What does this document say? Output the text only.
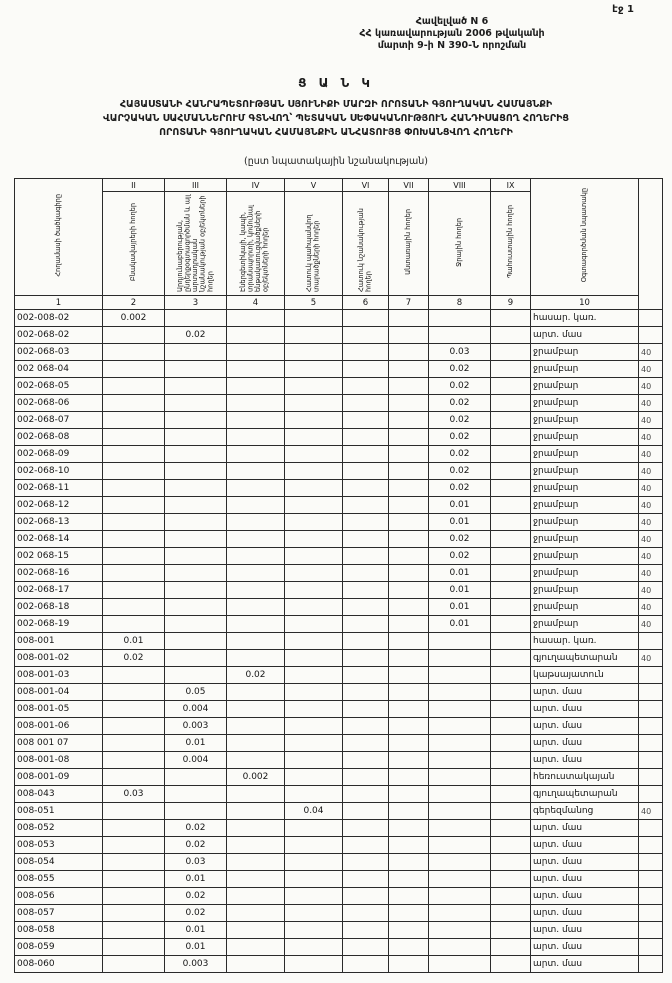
էջ 1
Հավելված N 6
ՀՀ կառավարության 2006 թվականի
մարտի 9-ի N 390-Ն որոշման
Ց Ա Ն Կ
ՀԱՅԱՍՏԱՆԻ ՀԱՆՐԱՊԵՏՈՒԹՅԱՆ ՍՅՈՒՆԻՔԻ ՄԱՐԶԻ ՈՐՈՏԱՆԻ ԳՅՈՒՂԱԿԱՆ ՀԱՄԱՅՆՔԻ
ՎԱՐՉԱԿԱՆ ՍԱՀՄԱՆՆԵՐՈՒՄ ԳՏՆՎՈՂ՝ ՊԵՏԱԿԱՆ ՍԵՓԱԿԱՆՈՒԹՅՈՒՆ ՀԱՆԴԻՍԱՑՈՂ ՀՈՂԵՐԻՑ
ՈՐՈՏԱՆԻ ԳՅՈՒՂԱԿԱՆ ՀԱՄԱՅՆՔԻՆ ԱՆՀԱՏՈՒՅՑ ՓՈԽԱՆՑՎՈՂ ՀՈՂԵՐԻ
(ըստ նպատակային նշանակության)
Հողամասի ծածկագիրը	II	III	IV	V	VI	VII	VIII	IX	Օգտագործման նպատակը	
	Բնակավայրերի հողեր	Արդյունաբերության, ընդերքօգտագործման և այլ արտադրական նշանակության օբյեկտների հողեր	Էներգետիկայի, կապի, տրանսպորտի, կոմունալ ենթակառուցվածքների օբյեկտների հողեր	Հատուկ պահպանվող տարածքների հողեր	Հատուկ նշանակության հողեր	Անտառային հողեր	Ջրային հողեր	Պահուստային հողեր		
1	2	3	4	5	6	7	8	9	10	
002-008-02	0.002								հասար. կառ.	
002-068-02		0.02							արտ. մաս	
002-068-03							0.03		ջրամբար	40
002 068-04							0.02		ջրամբար	40
002-068-05							0.02		ջրամբար	40
002-068-06							0.02		ջրամբար	40
002-068-07							0.02		ջրամբար	40
002-068-08							0.02		ջրամբար	40
002-068-09							0.02		ջրամբար	40
002-068-10							0.02		ջրամբար	40
002-068-11							0.02		ջրամբար	40
002-068-12							0.01		ջրամբար	40
002-068-13							0.01		ջրամբար	40
002-068-14							0.02		ջրամբար	40
002 068-15							0.02		ջրամբար	40
002-068-16							0.01		ջրամբար	40
002-068-17							0.01		ջրամբար	40
002-068-18							0.01		ջրամբար	40
002-068-19							0.01		ջրամբար	40
008-001	0.01								հասար. կառ.	
008-001-02	0.02								գյուղապետարան	40
008-001-03			0.02						կաթսայատուն	
008-001-04		0.05							արտ. մաս	
008-001-05		0.004							արտ. մաս	
008-001-06		0.003							արտ. մաս	
008 001 07		0.01							արտ. մաս	
008-001-08		0.004							արտ. մաս	
008-001-09			0.002						հեռուստակայան	
008-043	0.03								գյուղապետարան	
008-051				0.04					գերեզմանոց	40
008-052		0.02							արտ. մաս	
008-053		0.02							արտ. մաս	
008-054		0.03							արտ. մաս	
008-055		0.01							արտ. մաս	
008-056		0.02							արտ. մաս	
008-057		0.02							արտ. մաս	
008-058		0.01							արտ. մաս	
008-059		0.01							արտ. մաս	
008-060		0.003							արտ. մաս	
